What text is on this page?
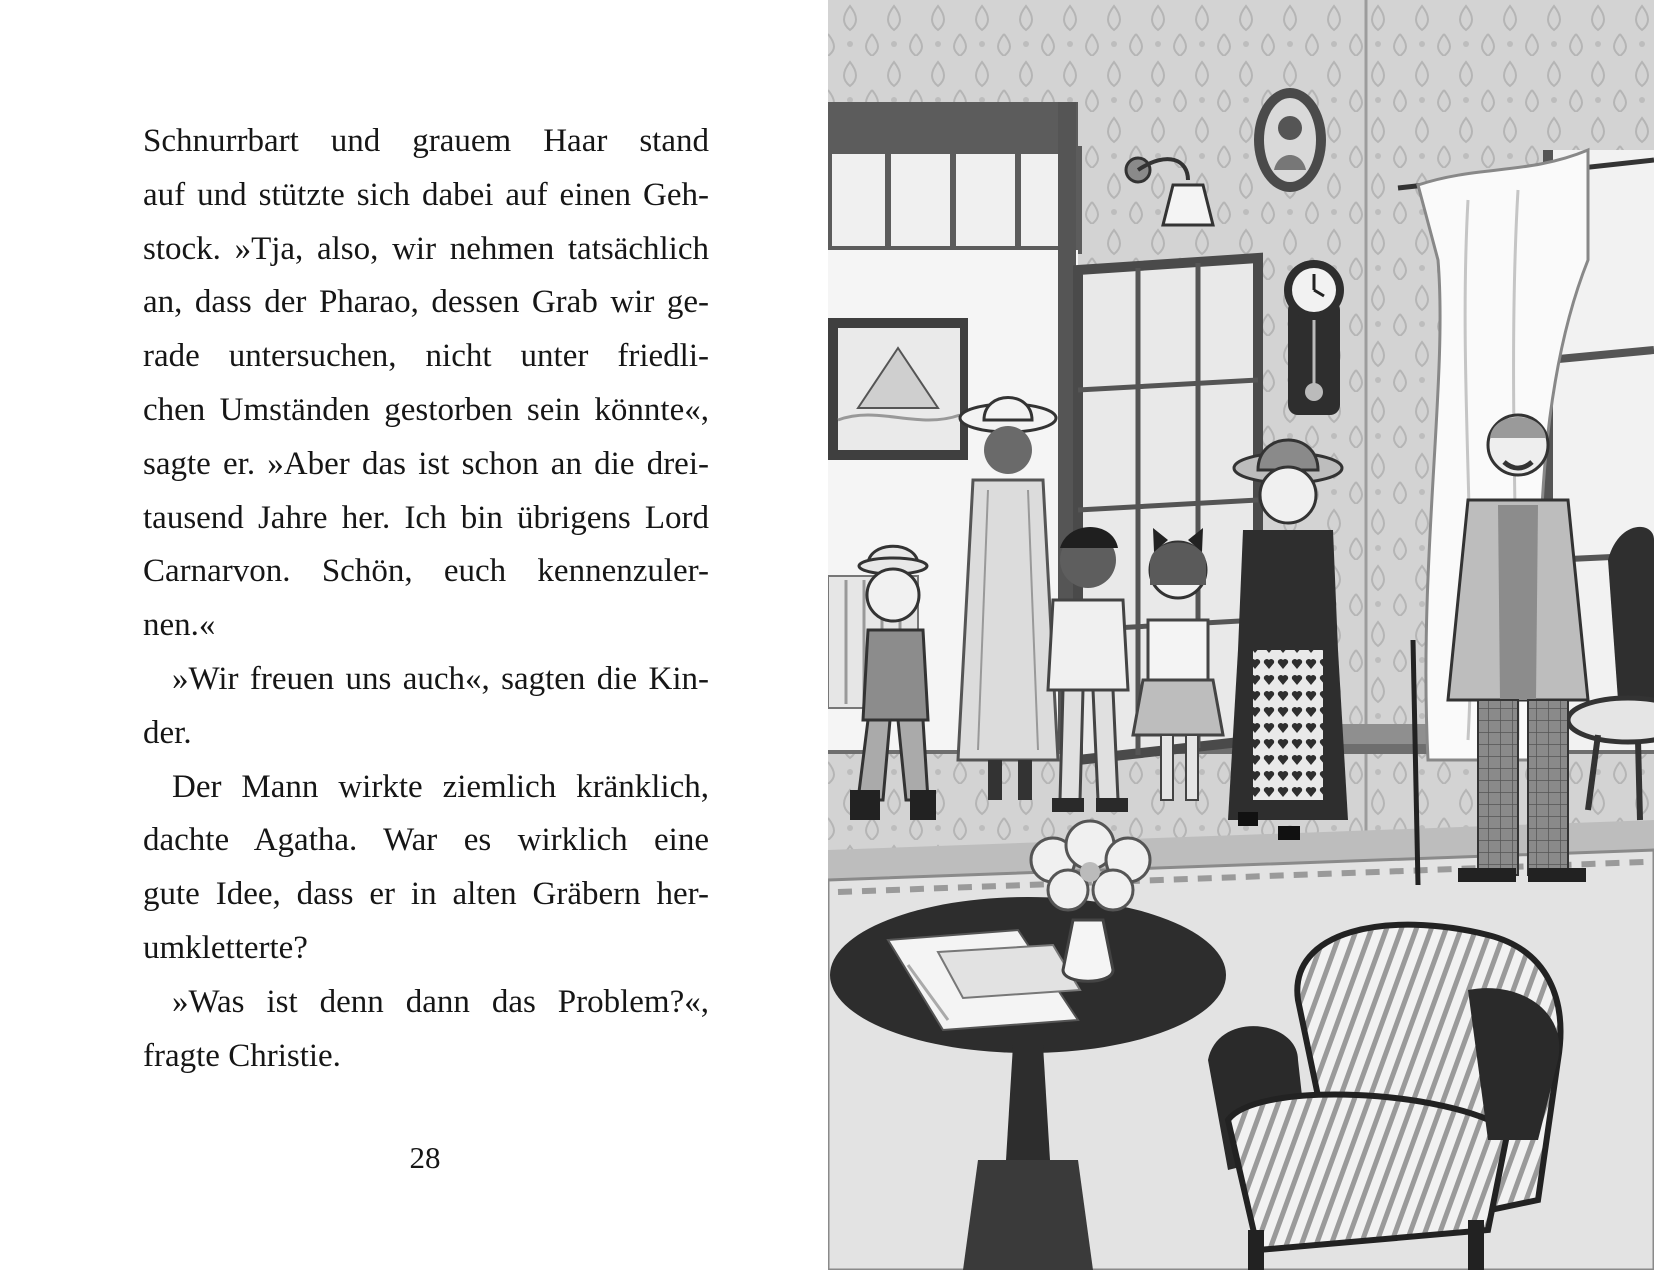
Schnurrbart und grauem Haar stand
auf und stützte sich dabei auf einen Geh-
stock. »Tja, also, wir nehmen tatsächlich
an, dass der Pharao, dessen Grab wir ge-
rade untersuchen, nicht unter friedli-
chen Umständen gestorben sein könnte«,
sagte er. »Aber das ist schon an die drei-
tausend Jahre her. Ich bin übrigens Lord
Carnarvon. Schön, euch kennenzuler-
nen.«
»Wir freuen uns auch«, sagten die Kin-
der.
Der Mann wirkte ziemlich kränklich,
dachte Agatha. War es wirklich eine
gute Idee, dass er in alten Gräbern her-
umkletterte?
»Was ist denn dann das Problem?«,
fragte Christie.
28
